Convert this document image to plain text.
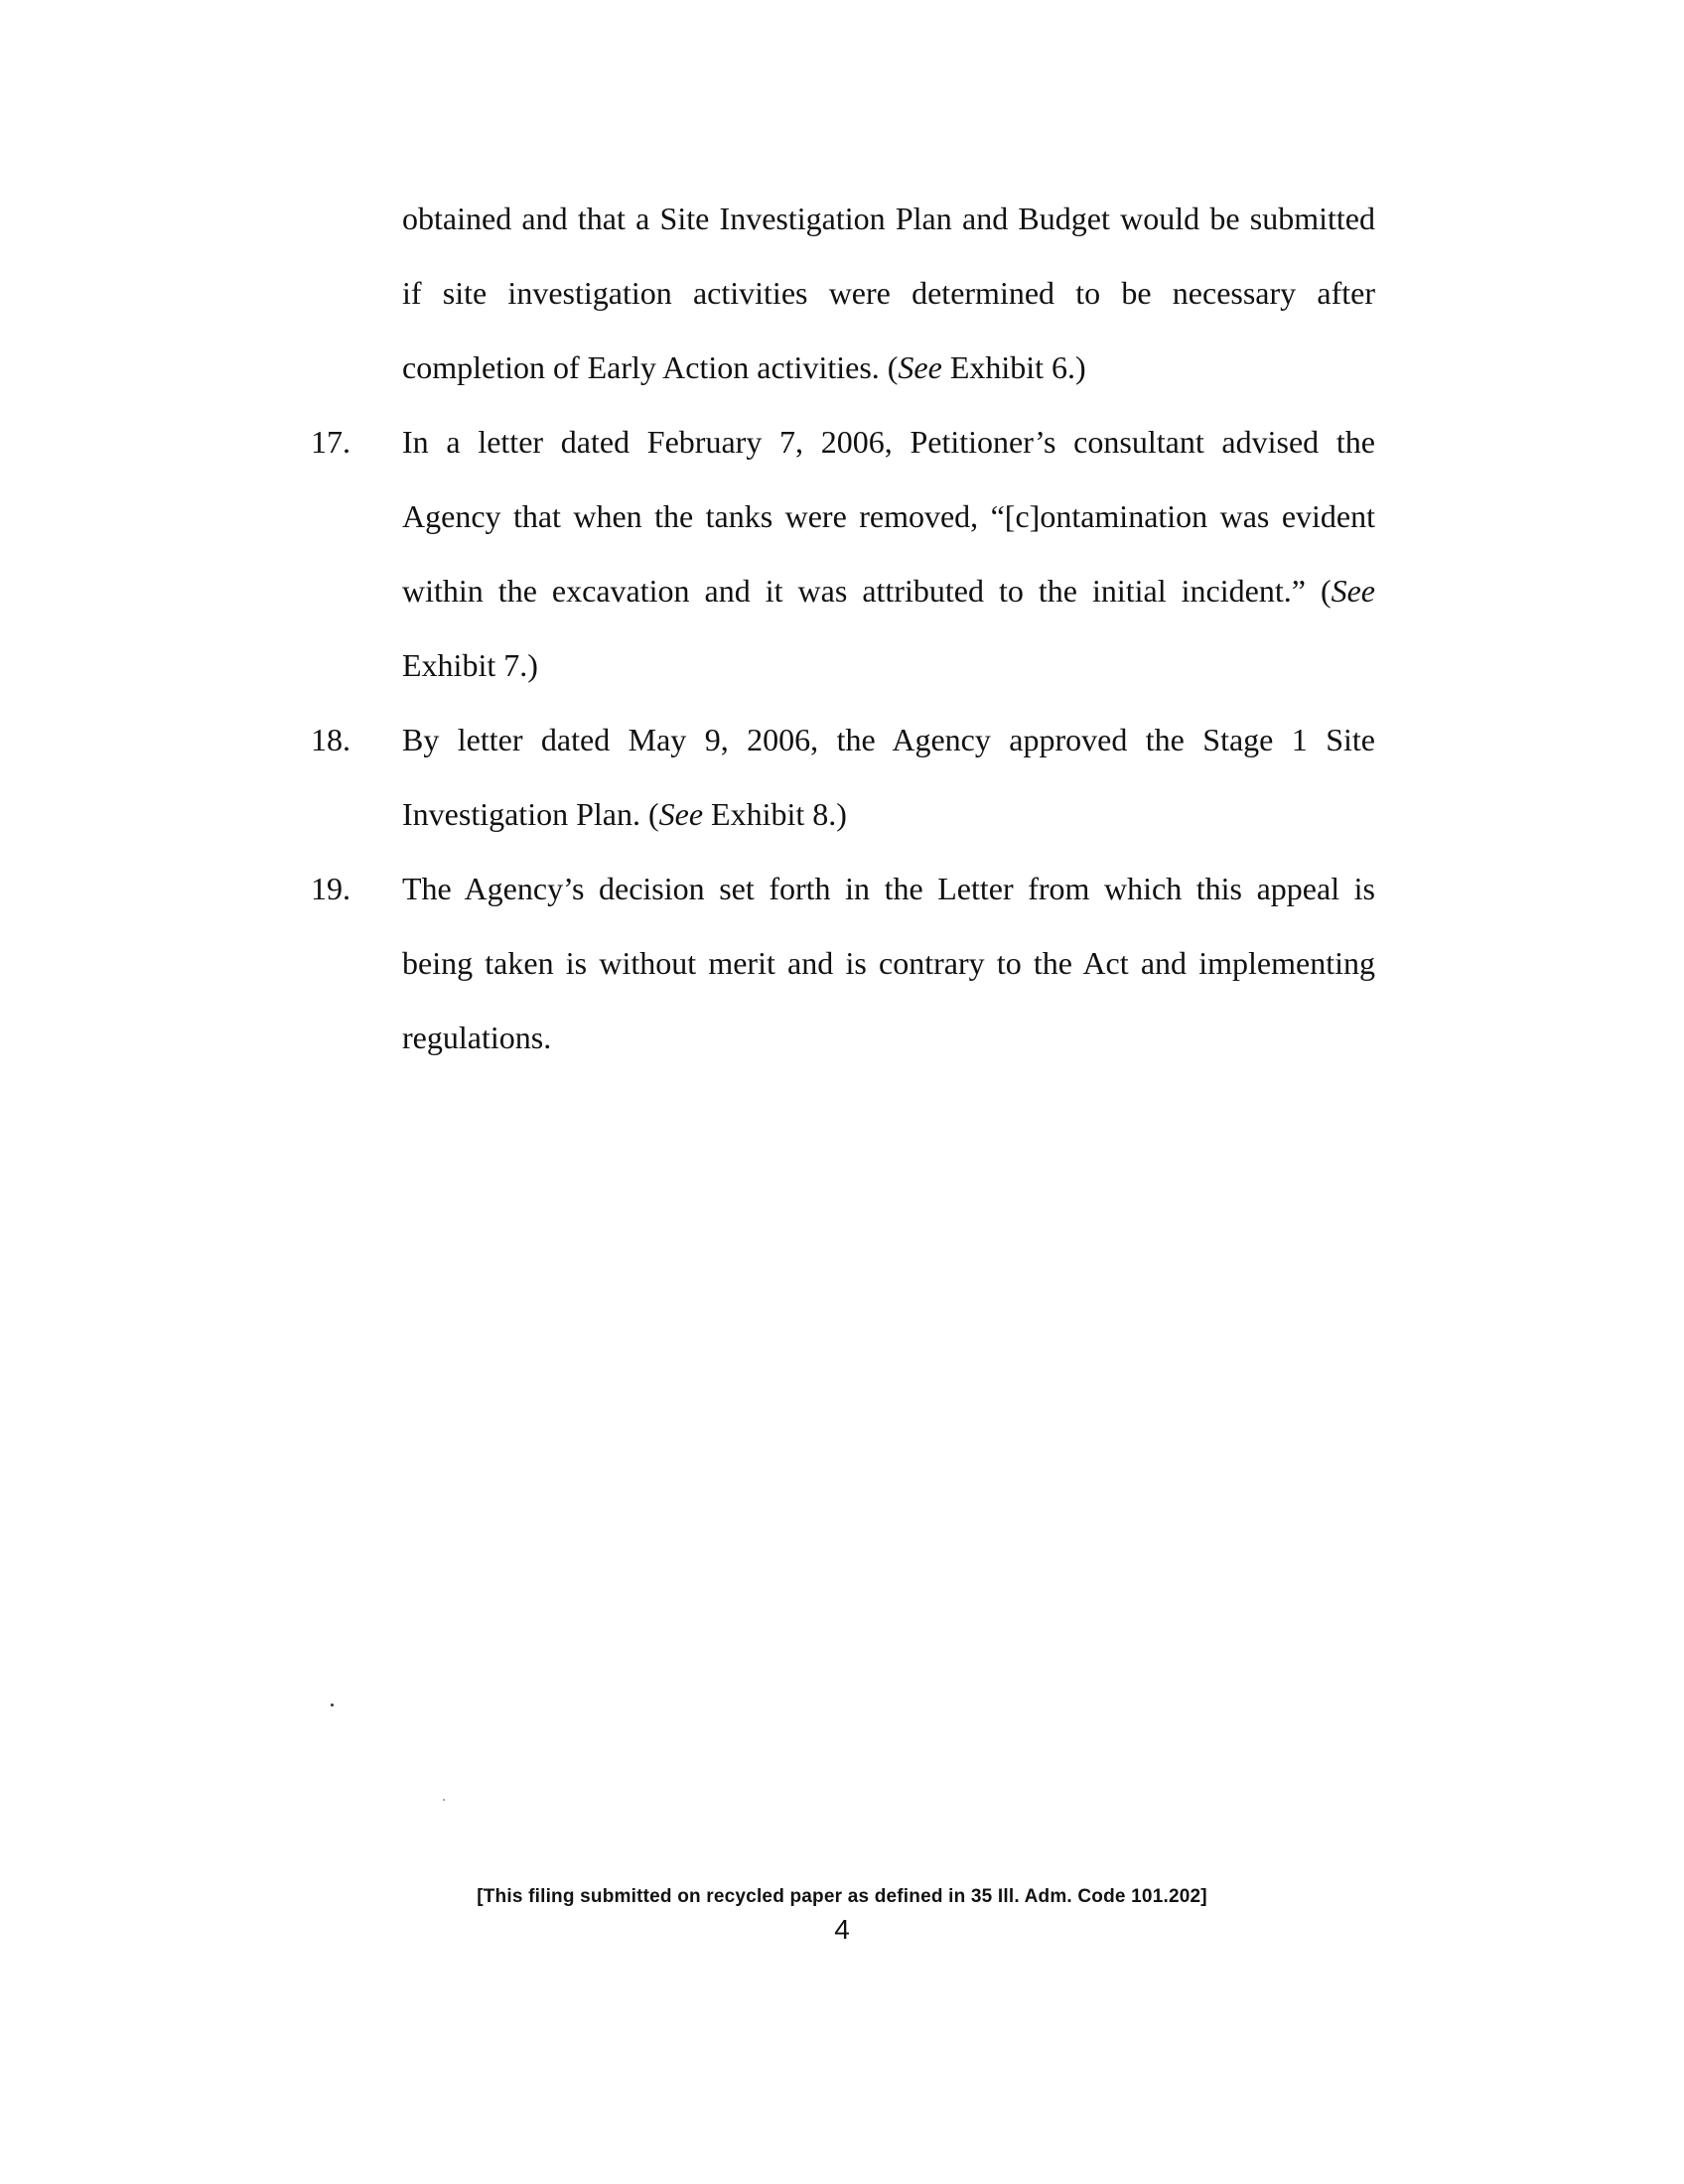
obtained and that a Site Investigation Plan and Budget would be submitted if site investigation activities were determined to be necessary after completion of Early Action activities. (See Exhibit 6.)
17. In a letter dated February 7, 2006, Petitioner’s consultant advised the Agency that when the tanks were removed, “[c]ontamination was evident within the excavation and it was attributed to the initial incident.” (See Exhibit 7.)
18. By letter dated May 9, 2006, the Agency approved the Stage 1 Site Investigation Plan. (See Exhibit 8.)
19. The Agency’s decision set forth in the Letter from which this appeal is being taken is without merit and is contrary to the Act and implementing regulations.
[This filing submitted on recycled paper as defined in 35 Ill. Adm. Code 101.202]
4
